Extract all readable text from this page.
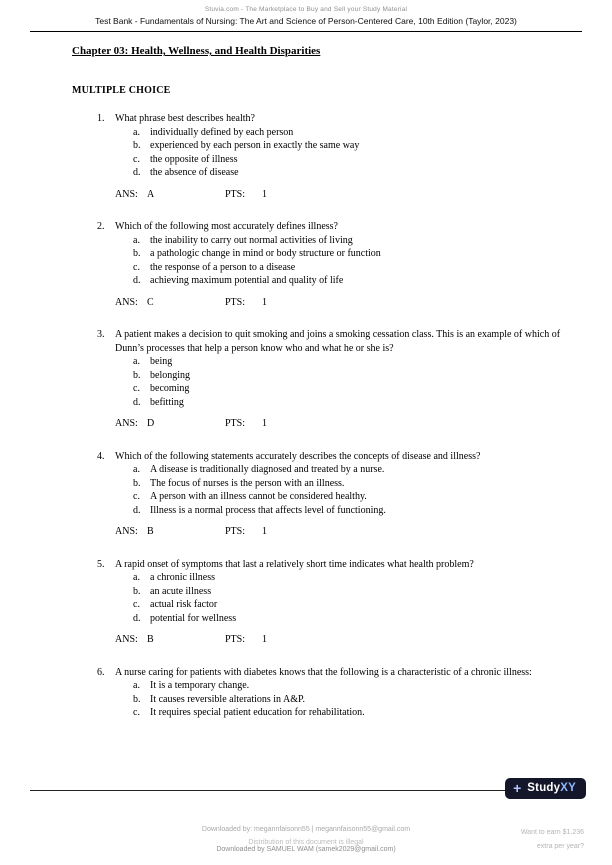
Stuvia.com - The Marketplace to Buy and Sell your Study Material
Test Bank - Fundamentals of Nursing: The Art and Science of Person-Centered Care, 10th Edition (Taylor, 2023)
Chapter 03: Health, Wellness, and Health Disparities
MULTIPLE CHOICE
1.	What phrase best describes health?
a.	individually defined by each person
b. experienced by each person in exactly the same way
c.	the opposite of illness
d. the absence of disease
ANS: A	PTS:	1
2.	Which of the following most accurately defines illness?
a.	the inability to carry out normal activities of living
b. a pathologic change in mind or body structure or function
c.	the response of a person to a disease
d. achieving maximum potential and quality of life
ANS: C	PTS:	1
3.	A patient makes a decision to quit smoking and joins a smoking cessation class. This is an example of which of Dunn’s processes that help a person know who and what he or she is?
a.	being
b. belonging
c.	becoming
d. befitting
ANS: D	PTS:	1
4.	Which of the following statements accurately describes the concepts of disease and illness?
a.	A disease is traditionally diagnosed and treated by a nurse.
b. The focus of nurses is the person with an illness.
c.	A person with an illness cannot be considered healthy.
d. Illness is a normal process that affects level of functioning.
ANS: B	PTS:	1
5.	A rapid onset of symptoms that last a relatively short time indicates what health problem?
a.	a chronic illness
b. an acute illness
c.	actual risk factor
d. potential for wellness
ANS: B	PTS:	1
6.	A nurse caring for patients with diabetes knows that the following is a characteristic of a chronic illness:
a.	It is a temporary change.
b. It causes reversible alterations in A&P.
c.	It requires special patient education for rehabilitation.
+ Study XY
Downloaded by: megannfaisonn55 | megannfaisonn55@gmail.com
Distribution of this document is illegal
Downloaded by SAMUEL WAM (samek2029@gmail.com)
Want to earn $1.236
extra per year?
